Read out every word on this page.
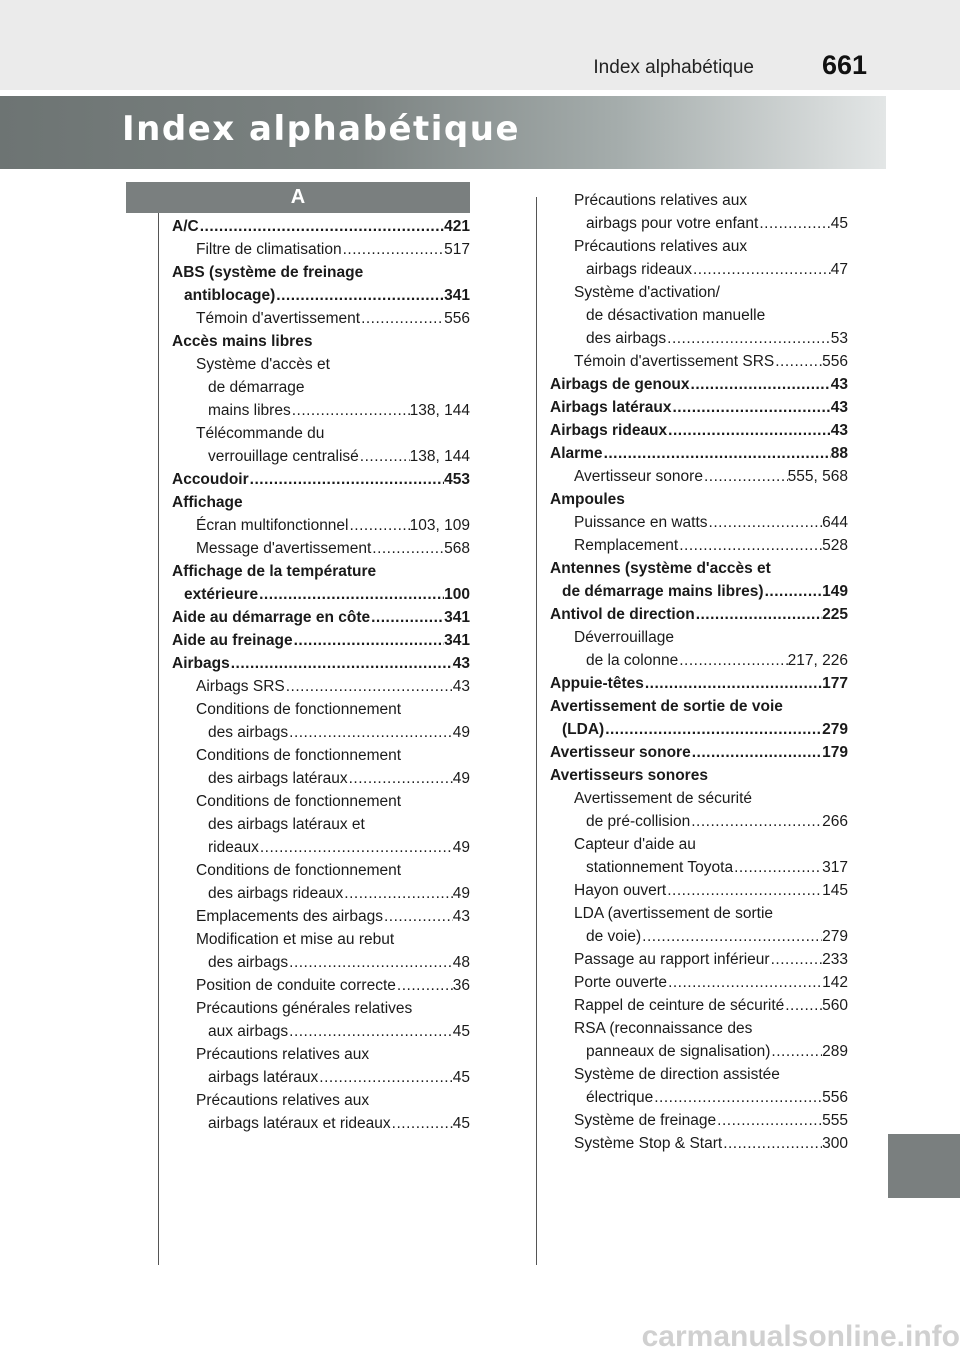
Index alphabétique	661
Index alphabétique
A
A/C .....	421
Filtre de climatisation .....	517
ABS (système de freinage
antiblocage) .....	341
Témoin d'avertissement .....	556
Accès mains libres
Système d'accès et
de démarrage
mains libres .....	138, 144
Télécommande du
verrouillage centralisé .....	138, 144
Accoudoir .....	453
Affichage
Écran multifonctionnel .....	103, 109
Message d'avertissement .....	568
Affichage de la température
extérieure .....	100
Aide au démarrage en côte .....	341
Aide au freinage .....	341
Airbags .....	43
Airbags SRS .....	43
Conditions de fonctionnement
des airbags .....	49
Conditions de fonctionnement
des airbags latéraux .....	49
Conditions de fonctionnement
des airbags latéraux et
rideaux .....	49
Conditions de fonctionnement
des airbags rideaux .....	49
Emplacements des airbags .....	43
Modification et mise au rebut
des airbags .....	48
Position de conduite correcte .....	36
Précautions générales relatives
aux airbags .....	45
Précautions relatives aux
airbags latéraux .....	45
Précautions relatives aux
airbags latéraux et rideaux .....	45
Précautions relatives aux
airbags pour votre enfant .....	45
Précautions relatives aux
airbags rideaux .....	47
Système d'activation/
de désactivation manuelle
des airbags .....	53
Témoin d'avertissement SRS .....	556
Airbags de genoux .....	43
Airbags latéraux .....	43
Airbags rideaux .....	43
Alarme .....	88
Avertisseur sonore .....	555, 568
Ampoules
Puissance en watts .....	644
Remplacement .....	528
Antennes (système d'accès et
de démarrage mains libres) .....	149
Antivol de direction .....	225
Déverrouillage
de la colonne .....	217, 226
Appuie-têtes .....	177
Avertissement de sortie de voie
(LDA) .....	279
Avertisseur sonore .....	179
Avertisseurs sonores
Avertissement de sécurité
de pré-collision .....	266
Capteur d'aide au
stationnement Toyota .....	317
Hayon ouvert .....	145
LDA (avertissement de sortie
de voie) .....	279
Passage au rapport inférieur .....	233
Porte ouverte .....	142
Rappel de ceinture de sécurité ..... 560
RSA (reconnaissance des
panneaux de signalisation) .....	289
Système de direction assistée
électrique .....	556
Système de freinage .....	555
Système Stop & Start .....	300
carmanualsonline.info
